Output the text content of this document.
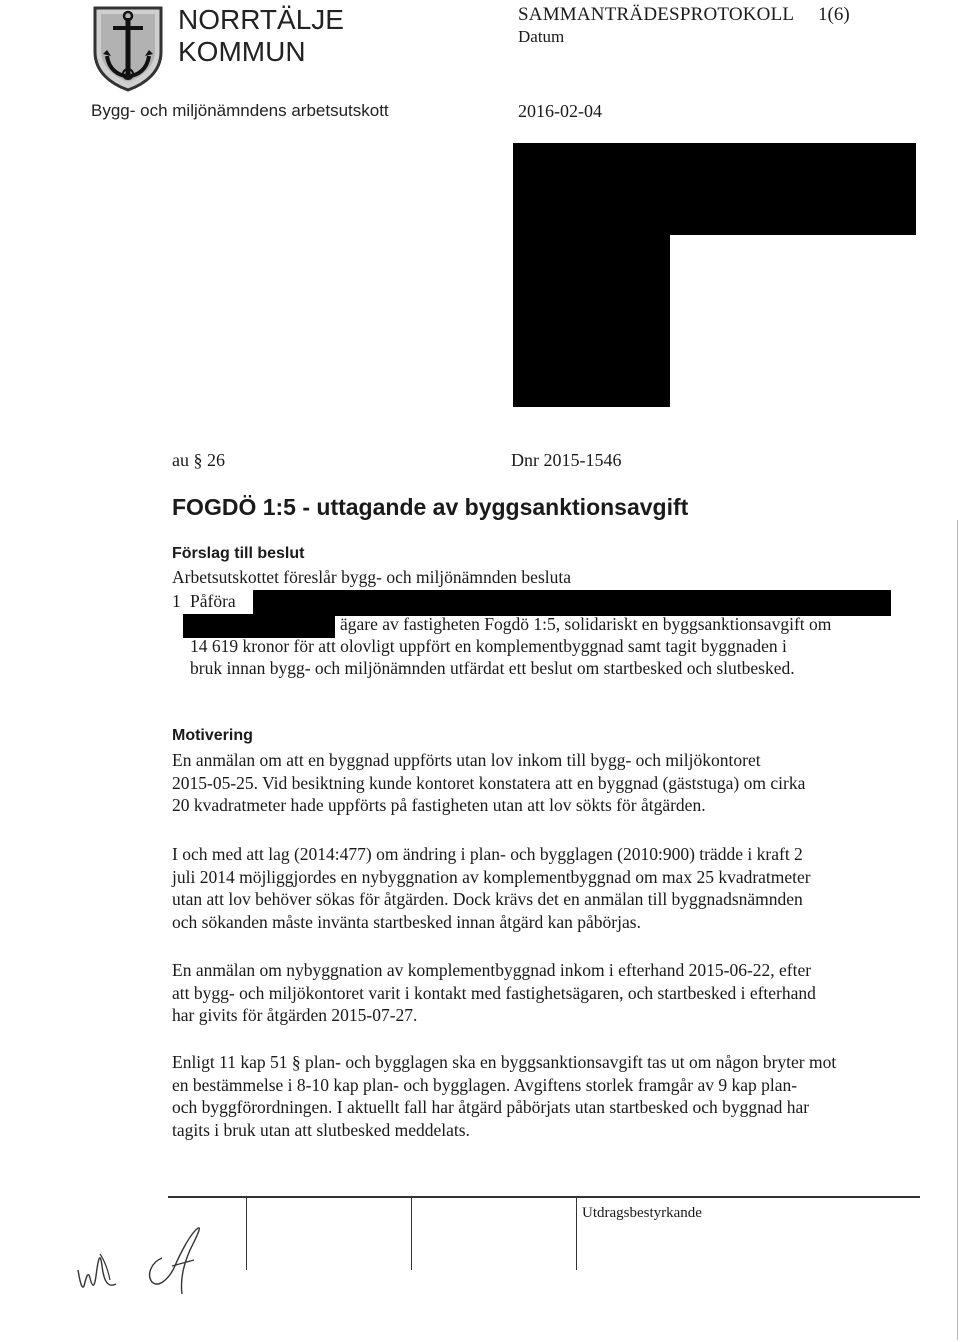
NORRTÄLJE
KOMMUN
SAMMANTRÄDESPROTOKOLL 1(6)
Datum
Bygg- och miljönämndens arbetsutskott	2016-02-04
au § 26	Dnr 2015-1546
FOGDÖ 1:5 - uttagande av byggsanktionsavgift
Förslag till beslut
Arbetsutskottet föreslår bygg- och miljönämnden besluta
1 Påföra
ägare av fastigheten Fogdö 1:5, solidariskt en byggsanktionsavgift om
14 619 kronor för att olovligt uppfört en komplementbyggnad samt tagit byggnaden i
bruk innan bygg- och miljönämnden utfärdat ett beslut om startbesked och slutbesked.
Motivering
En anmälan om att en byggnad uppförts utan lov inkom till bygg- och miljökontoret
2015-05-25. Vid besiktning kunde kontoret konstatera att en byggnad (gäststuga) om cirka
20 kvadratmeter hade uppförts på fastigheten utan att lov sökts för åtgärden.
I och med att lag (2014:477) om ändring i plan- och bygglagen (2010:900) trädde i kraft 2
juli 2014 möjliggjordes en nybyggnation av komplementbyggnad om max 25 kvadratmeter
utan att lov behöver sökas för åtgärden. Dock krävs det en anmälan till byggnadsnämnden
och sökanden måste invänta startbesked innan åtgärd kan påbörjas.
En anmälan om nybyggnation av komplementbyggnad inkom i efterhand 2015-06-22, efter
att bygg- och miljökontoret varit i kontakt med fastighetsägaren, och startbesked i efterhand
har givits för åtgärden 2015-07-27.
Enligt 11 kap 51 § plan- och bygglagen ska en byggsanktionsavgift tas ut om någon bryter mot
en bestämmelse i 8-10 kap plan- och bygglagen. Avgiftens storlek framgår av 9 kap plan-
och byggförordningen. I aktuellt fall har åtgärd påbörjats utan startbesked och byggnad har
tagits i bruk utan att slutbesked meddelats.
Utdragsbestyrkande
